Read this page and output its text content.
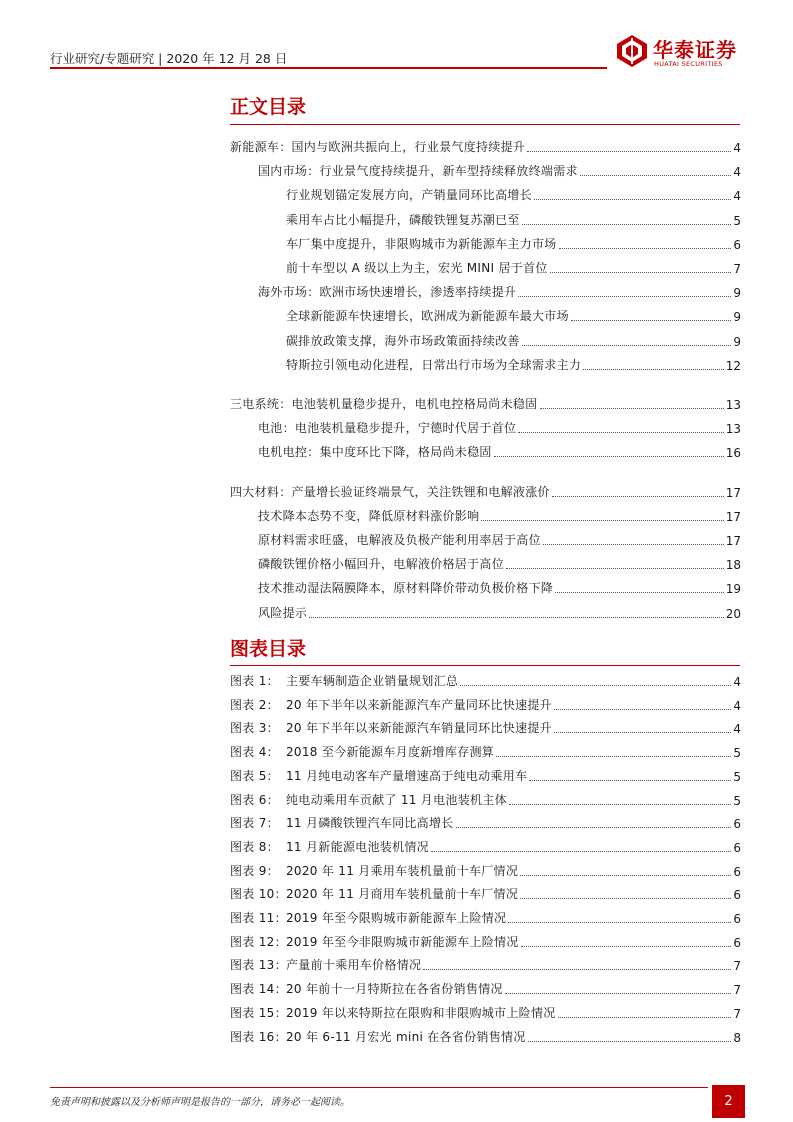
行业研究/专题研究 | 2020 年 12 月 28 日	华泰证券
HUATAI SECURITIES
正文目录
新能源车：国内与欧洲共振向上，行业景气度持续提升	4
国内市场：行业景气度持续提升，新车型持续释放终端需求	4
行业规划锚定发展方向，产销量同环比高增长	4
乘用车占比小幅提升，磷酸铁锂复苏潮已至	5
车厂集中度提升，非限购城市为新能源车主力市场	6
前十车型以 A 级以上为主，宏光 MINI 居于首位	7
海外市场：欧洲市场快速增长，渗透率持续提升	9
全球新能源车快速增长，欧洲成为新能源车最大市场	9
碳排放政策支撑，海外市场政策面持续改善	9
特斯拉引领电动化进程，日常出行市场为全球需求主力	12
三电系统：电池装机量稳步提升，电机电控格局尚未稳固	13
电池：电池装机量稳步提升，宁德时代居于首位	13
电机电控：集中度环比下降，格局尚未稳固	16
四大材料：产量增长验证终端景气，关注铁锂和电解液涨价	17
技术降本态势不变，降低原材料涨价影响	17
原材料需求旺盛，电解液及负极产能利用率居于高位	17
磷酸铁锂价格小幅回升，电解液价格居于高位	18
技术推动湿法隔膜降本，原材料降价带动负极价格下降	19
风险提示	20
图表目录
图表 1： 主要车辆制造企业销量规划汇总	4
图表 2： 20 年下半年以来新能源汽车产量同环比快速提升	4
图表 3： 20 年下半年以来新能源汽车销量同环比快速提升	4
图表 4： 2018 至今新能源车月度新增库存测算	5
图表 5： 11 月纯电动客车产量增速高于纯电动乘用车	5
图表 6： 纯电动乘用车贡献了 11 月电池装机主体	5
图表 7： 11 月磷酸铁锂汽车同比高增长	6
图表 8： 11 月新能源电池装机情况	6
图表 9： 2020 年 11 月乘用车装机量前十车厂情况	6
图表 10： 2020 年 11 月商用车装机量前十车厂情况	6
图表 11： 2019 年至今限购城市新能源车上险情况	6
图表 12： 2019 年至今非限购城市新能源车上险情况	6
图表 13： 产量前十乘用车价格情况	7
图表 14： 20 年前十一月特斯拉在各省份销售情况	7
图表 15： 2019 年以来特斯拉在限购和非限购城市上险情况	7
图表 16： 20 年 6-11 月宏光 mini 在各省份销售情况	8
免责声明和披露以及分析师声明是报告的一部分，请务必一起阅读。	2
